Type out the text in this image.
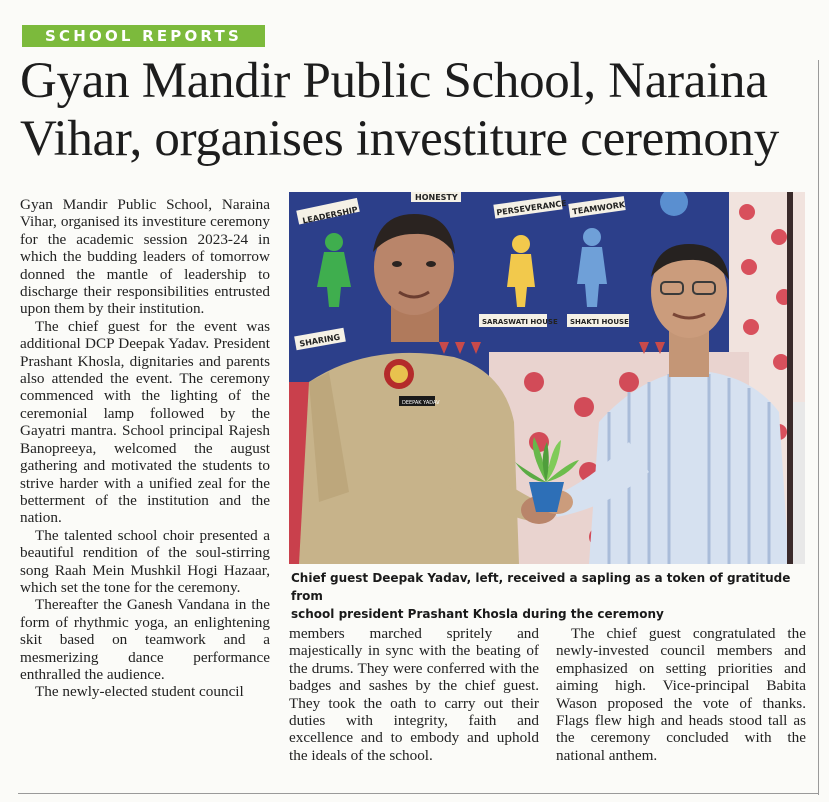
SCHOOL REPORTS
Gyan Mandir Public School, Naraina Vihar, organises investiture ceremony

Gyan Mandir Public School, Naraina Vihar, organised its investiture ceremony for the academic session 2023-24 in which the budding leaders of tomorrow donned the mantle of leadership to discharge their responsibilities entrusted upon them by their institution.

The chief guest for the event was additional DCP Deepak Yadav. President Prashant Khosla, dignitaries and parents also attended the event. The ceremony commenced with the lighting of the ceremonial lamp followed by the Gayatri mantra. School principal Rajesh Banopreeya, welcomed the august gathering and motivated the students to strive harder with a unified zeal for the betterment of the institution and the nation.

The talented school choir presented a beautiful rendition of the soul-stirring song Raah Mein Mushkil Hogi Hazaar, which set the tone for the ceremony.

Thereafter the Ganesh Vandana in the form of rhythmic yoga, an enlightening skit based on teamwork and a mesmerizing dance performance enthralled the audience.

The newly-elected student council

LEADERSHIP
HONESTY
PERSEVERANCE TEAMWORK
SHARING
SARASWATI HOUSE SHAKTI HOUSE
DEEPAK YADAV
Chief guest Deepak Yadav, left, received a sapling as a token of gratitude from
school president Prashant Khosla during the ceremony

members marched spritely and majestically in sync with the beating of the drums. They were conferred with the badges and sashes by the chief guest. They took the oath to carry out their duties with integrity, faith and excellence and to embody and uphold the ideals of the school.

The chief guest congratulated the newly-invested council members and emphasized on setting priorities and aiming high. Vice-principal Babita Wason proposed the vote of thanks. Flags flew high and heads stood tall as the ceremony concluded with the national anthem.
